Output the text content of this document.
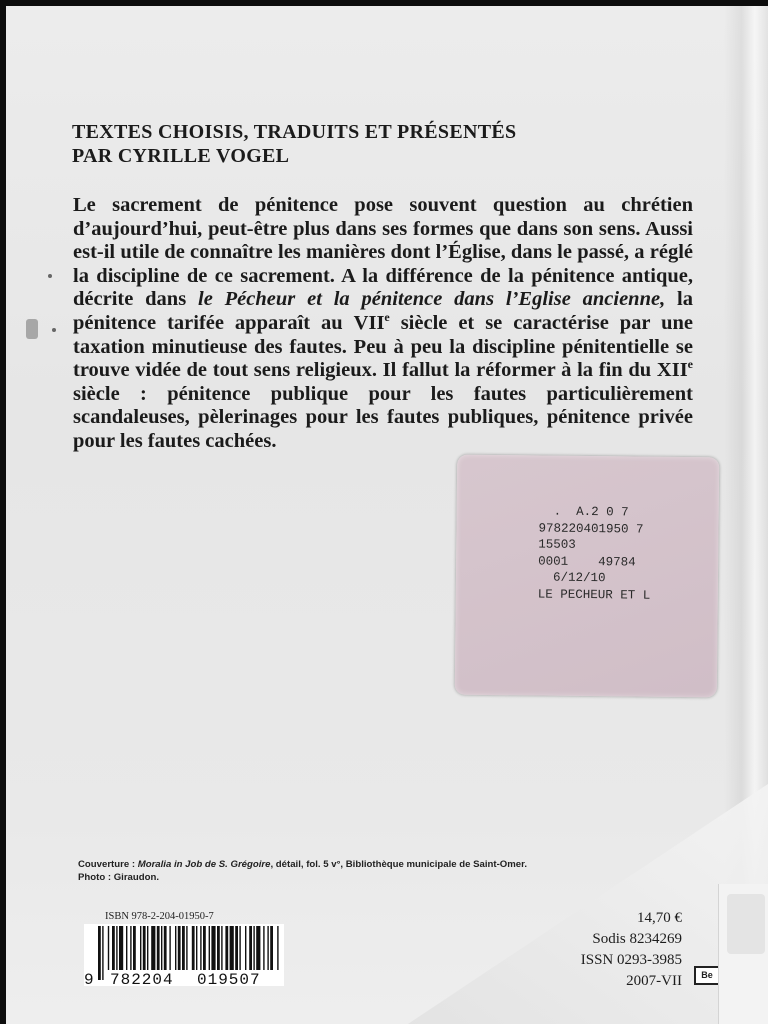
TEXTES CHOISIS, TRADUITS ET PRÉSENTÉS
PAR CYRILLE VOGEL
Le sacrement de pénitence pose souvent question au chrétien d’aujourd’hui, peut-être plus dans ses formes que dans son sens. Aussi est-il utile de connaître les manières dont l’Église, dans le passé, a réglé la discipline de ce sacrement. A la différence de la pénitence antique, décrite dans le Pécheur et la pénitence dans l’Eglise ancienne, la pénitence tarifée apparaît au VIIe siècle et se caractérise par une taxation minutieuse des fautes. Peu à peu la discipline pénitentielle se trouve vidée de tout sens religieux. Il fallut la réformer à la fin du XIIe siècle : pénitence publique pour les fautes particulièrement scandaleuses, pèlerinages pour les fautes publiques, pénitence privée pour les fautes cachées.
.  A.2 0 7
978220401950 7
15503
0001    49784
6/12/10
LE PECHEUR ET L
Couverture : Moralia in Job de S. Grégoire, détail, fol. 5 v°, Bibliothèque municipale de Saint-Omer.
Photo : Giraudon.
ISBN 978-2-204-01950-7
9 782204 019507
14,70 €
Sodis 8234269
ISSN 0293-3985
2007-VII	Be
